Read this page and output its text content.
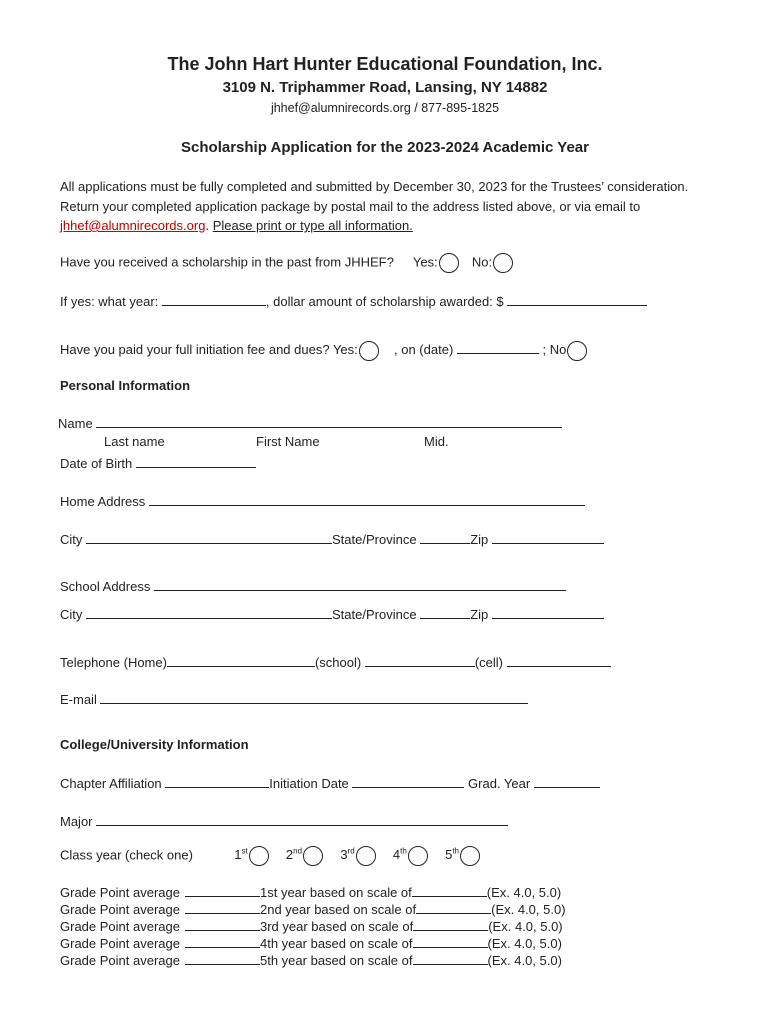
The John Hart Hunter Educational Foundation, Inc.
3109 N. Triphammer Road, Lansing, NY 14882
jhhef@alumnirecords.org / 877-895-1825
Scholarship Application for the 2023-2024 Academic Year
All applications must be fully completed and submitted by December 30, 2023 for the Trustees’ consideration. Return your completed application package by postal mail to the address listed above, or via email to jhhef@alumnirecords.org. Please print or type all information.
Have you received a scholarship in the past from JHHEF? Yes:	No:
If yes: what year:	, dollar amount of scholarship awarded: $
Have you paid your full initiation fee and dues? Yes:	, on (date)	; No
Personal Information
Name
Last name	First Name	Mid.
Date of Birth
Home Address
City	State/Province	Zip
School Address
City	State/Province	Zip
Telephone (Home)	(school)	(cell)
E-mail
College/University Information
Chapter Affiliation	Initiation Date	Grad. Year
Major
Class year (check one)	1st	2nd	3rd	4th	5th
Grade Point average	1st year based on scale of	(Ex. 4.0, 5.0)
Grade Point average	2nd year based on scale of	(Ex. 4.0, 5.0)
Grade Point average	3rd year based on scale of	(Ex. 4.0, 5.0)
Grade Point average	4th year based on scale of	(Ex. 4.0, 5.0)
Grade Point average	5th year based on scale of	(Ex. 4.0, 5.0)
